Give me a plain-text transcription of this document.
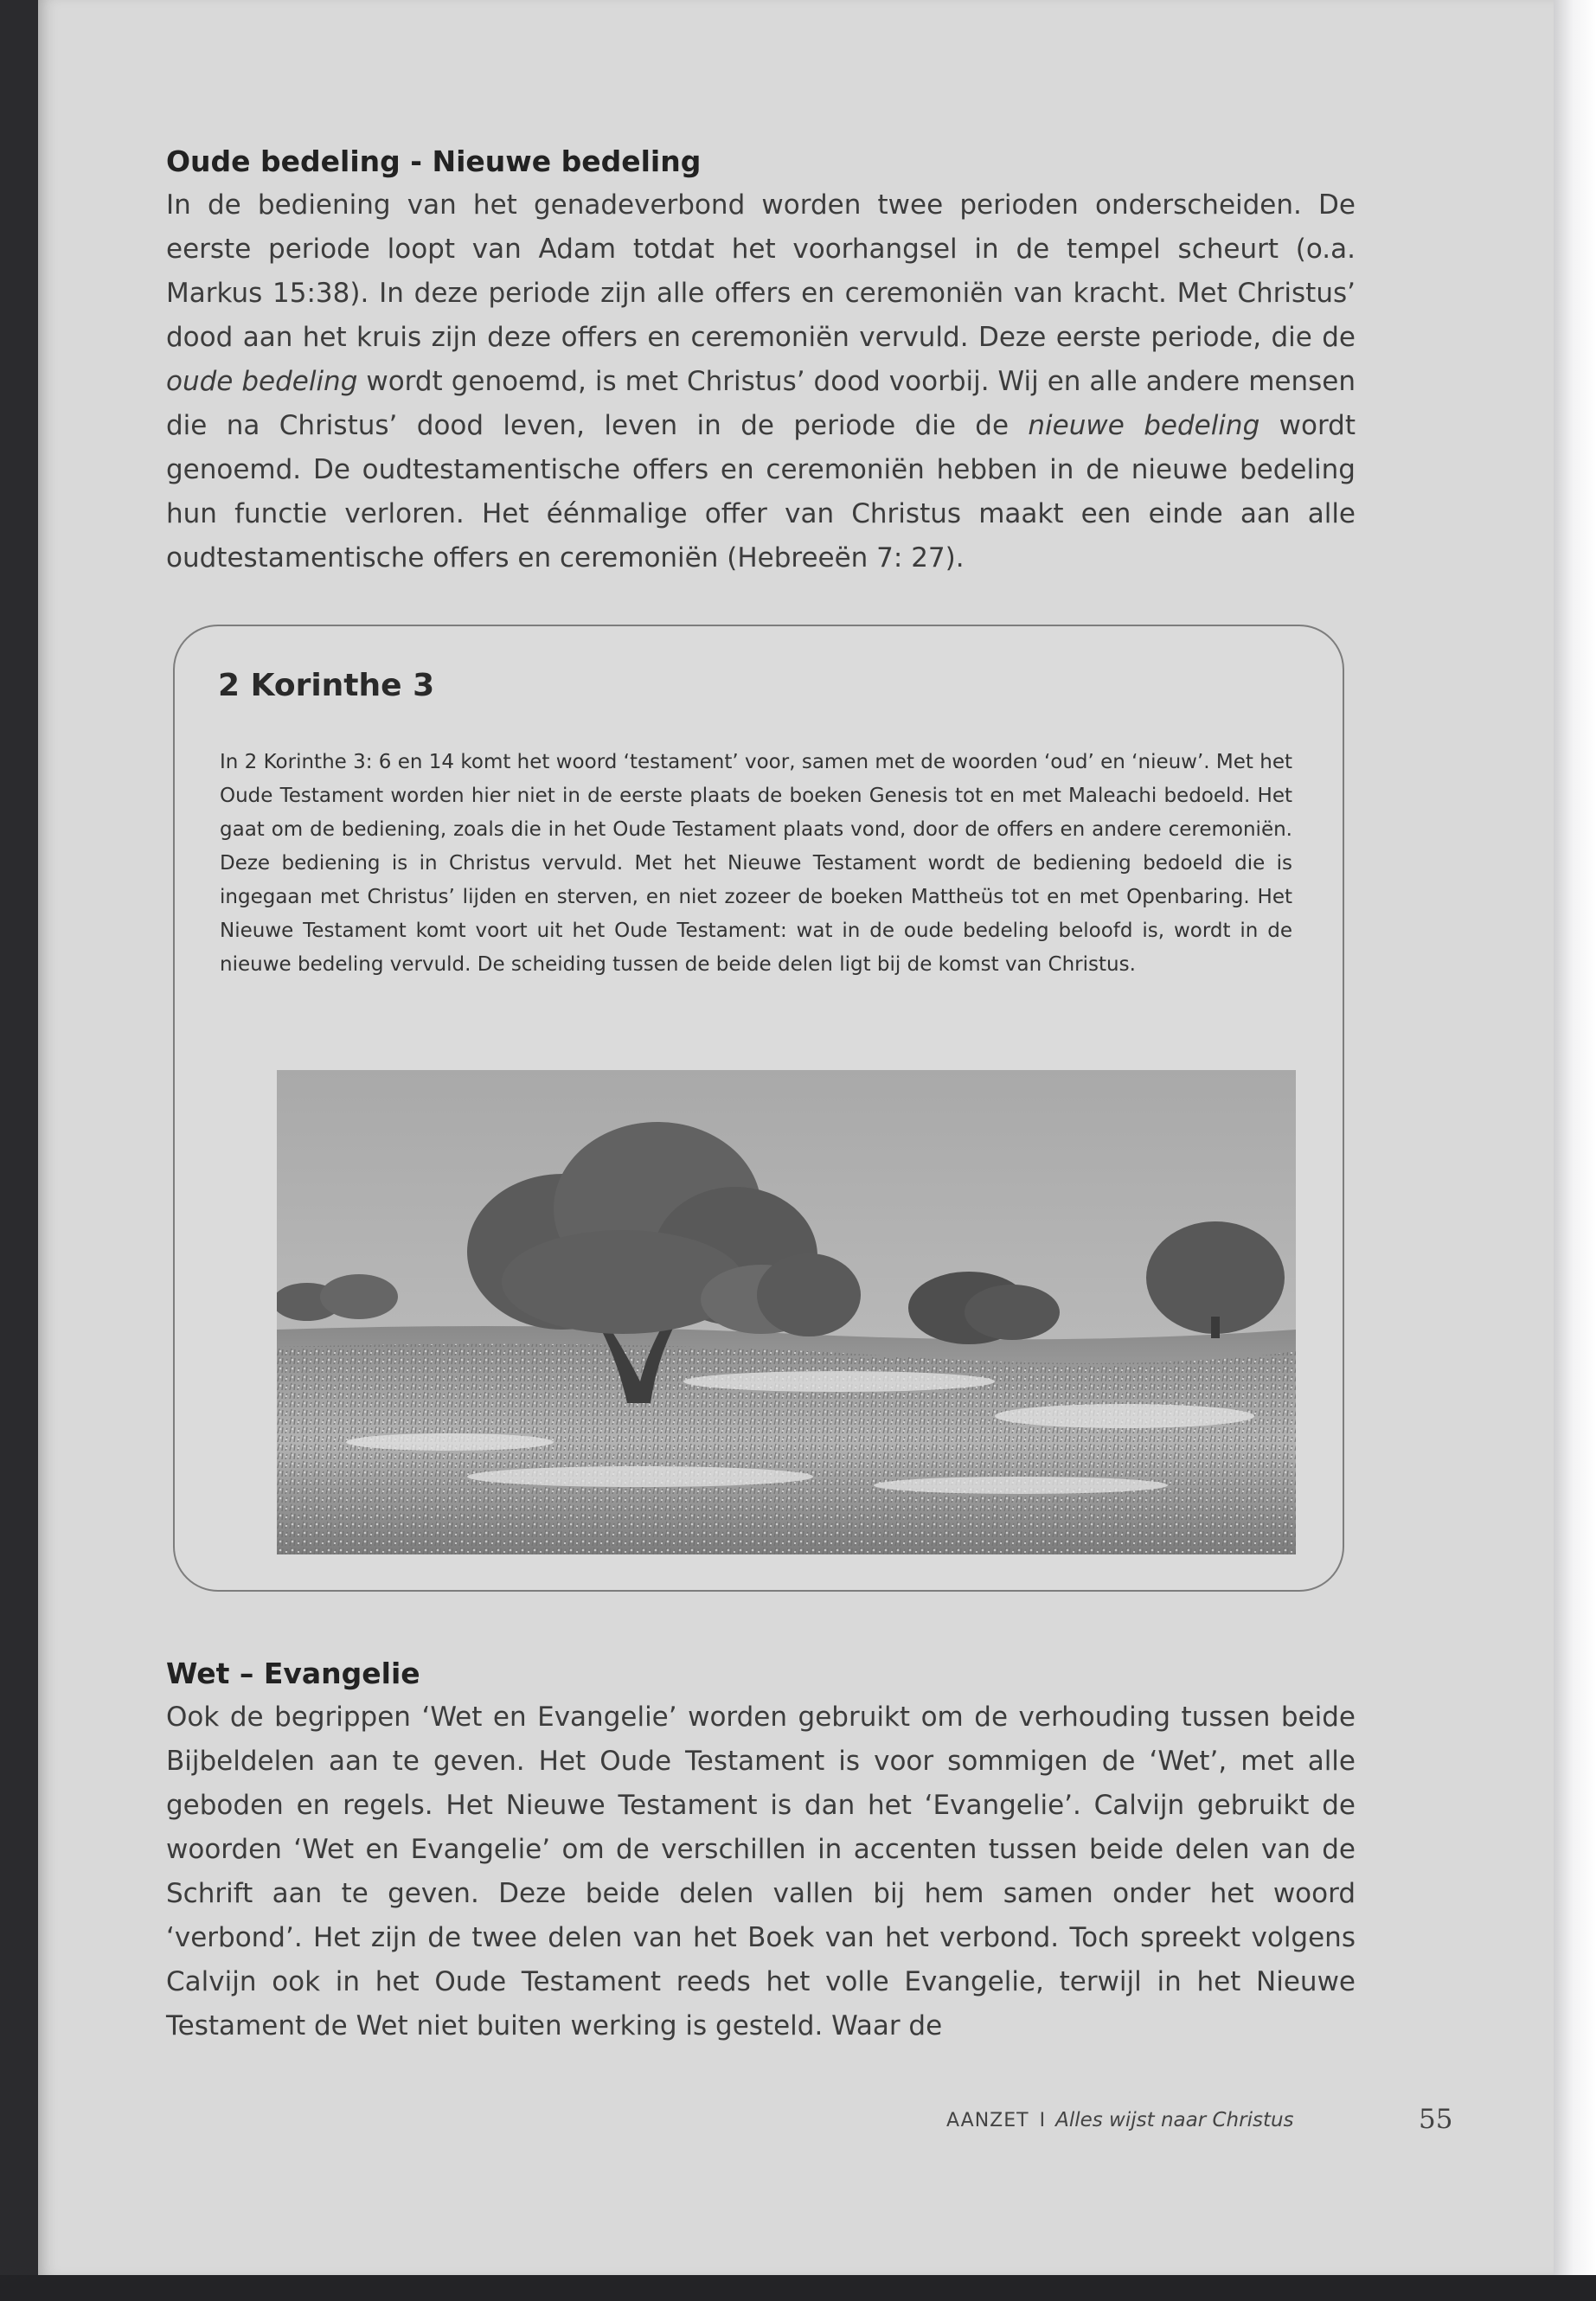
Oude bedeling - Nieuwe bedeling

In de bediening van het genadeverbond worden twee perioden onderscheiden. De eerste periode loopt van Adam totdat het voorhangsel in de tempel scheurt (o.a. Markus 15:38). In deze periode zijn alle offers en ceremoniën van kracht. Met Christus’ dood aan het kruis zijn deze offers en ceremoniën vervuld. Deze eerste periode, die de oude bedeling wordt genoemd, is met Christus’ dood voorbij. Wij en alle andere mensen die na Christus’ dood leven, leven in de periode die de nieuwe bedeling wordt genoemd. De oudtestamentische offers en ceremoniën hebben in de nieuwe bedeling hun functie verloren. Het éénmalige offer van Christus maakt een einde aan alle oudtestamentische offers en ceremoniën (Hebreeën 7: 27).

2 Korinthe 3

In 2 Korinthe 3: 6 en 14 komt het woord ‘testament’ voor, samen met de woorden ‘oud’ en ‘nieuw’. Met het Oude Testament worden hier niet in de eerste plaats de boeken Genesis tot en met Maleachi bedoeld. Het gaat om de bediening, zoals die in het Oude Testament plaats vond, door de offers en andere ceremoniën. Deze bediening is in Christus vervuld. Met het Nieuwe Testament wordt de bediening bedoeld die is ingegaan met Christus’ lijden en sterven, en niet zozeer de boeken Mattheüs tot en met Openbaring. Het Nieuwe Testament komt voort uit het Oude Testament: wat in de oude bedeling beloofd is, wordt in de nieuwe bedeling vervuld. De scheiding tussen de beide delen ligt bij de komst van Christus.

Wet – Evangelie

Ook de begrippen ‘Wet en Evangelie’ worden gebruikt om de verhouding tussen beide Bijbeldelen aan te geven. Het Oude Testament is voor sommigen de ‘Wet’, met alle geboden en regels. Het Nieuwe Testament is dan het ‘Evangelie’. Calvijn gebruikt de woorden ‘Wet en Evangelie’ om de verschillen in accenten tussen beide delen van de Schrift aan te geven. Deze beide delen vallen bij hem samen onder het woord ‘verbond’. Het zijn de twee delen van het Boek van het verbond. Toch spreekt volgens Calvijn ook in het Oude Testament reeds het volle Evangelie, terwijl in het Nieuwe Testament de Wet niet buiten werking is gesteld. Waar de

AANZET I Alles wijst naar Christus	55
